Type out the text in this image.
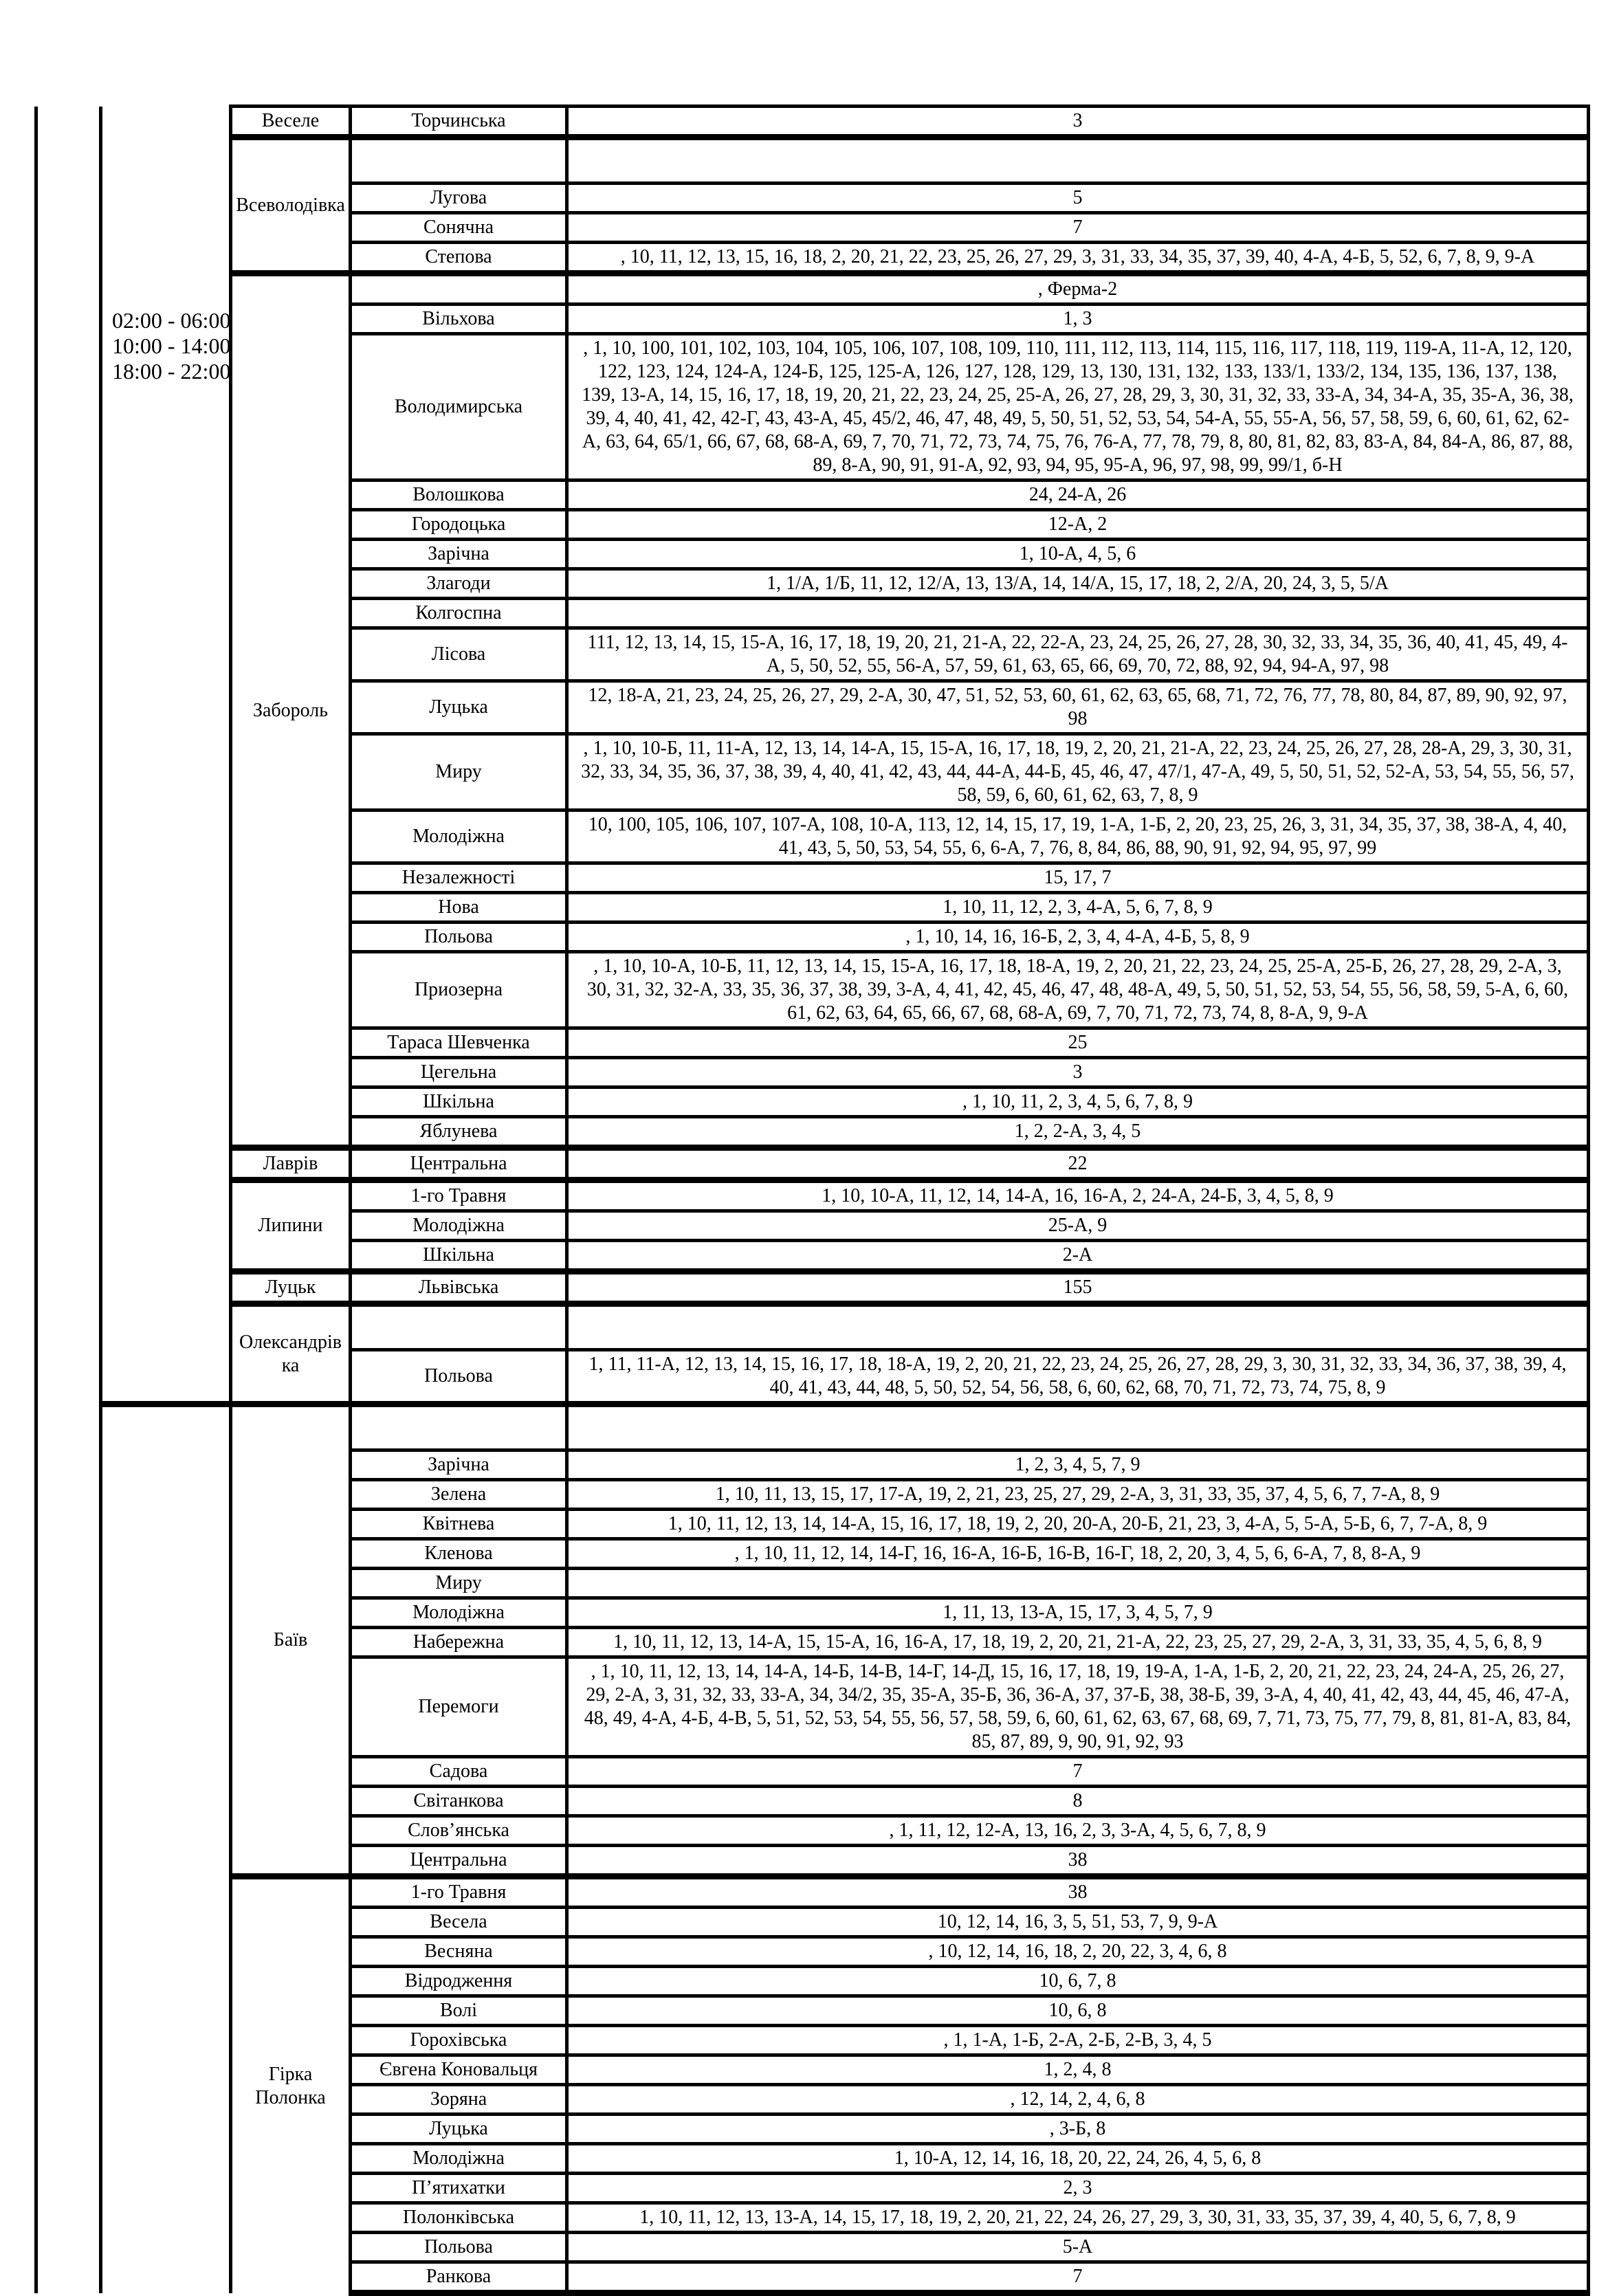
	02:00 - 06:00
10:00 - 14:00
18:00 - 22:00	Веселе	Торчинська	3
		Всеволодівка		
			Лугова	5
			Сонячна	7
			Степова	, 10, 11, 12, 13, 15, 16, 18, 2, 20, 21, 22, 23, 25, 26, 27, 29, 3, 31, 33, 34, 35, 37, 39, 40, 4-А, 4-Б, 5, 52, 6, 7, 8, 9, 9-А
		Забороль		, Ферма-2
			Вільхова	1, 3
			Володимирська	, 1, 10, 100, 101, 102, 103, 104, 105, 106, 107, 108, 109, 110, 111, 112, 113, 114, 115, 116, 117, 118, 119, 119-А, 11-А, 12, 120, 122, 123, 124, 124-А, 124-Б, 125, 125-А, 126, 127, 128, 129, 13, 130, 131, 132, 133, 133/1, 133/2, 134, 135, 136, 137, 138, 139, 13-А, 14, 15, 16, 17, 18, 19, 20, 21, 22, 23, 24, 25, 25-А, 26, 27, 28, 29, 3, 30, 31, 32, 33, 33-А, 34, 34-А, 35, 35-А, 36, 38, 39, 4, 40, 41, 42, 42-Г, 43, 43-А, 45, 45/2, 46, 47, 48, 49, 5, 50, 51, 52, 53, 54, 54-А, 55, 55-А, 56, 57, 58, 59, 6, 60, 61, 62, 62-А, 63, 64, 65/1, 66, 67, 68, 68-А, 69, 7, 70, 71, 72, 73, 74, 75, 76, 76-А, 77, 78, 79, 8, 80, 81, 82, 83, 83-А, 84, 84-А, 86, 87, 88, 89, 8-А, 90, 91, 91-А, 92, 93, 94, 95, 95-А, 96, 97, 98, 99, 99/1, б-Н
			Волошкова	24, 24-А, 26
			Городоцька	12-А, 2
			Зарічна	1, 10-А, 4, 5, 6
			Злагоди	1, 1/А, 1/Б, 11, 12, 12/А, 13, 13/А, 14, 14/А, 15, 17, 18, 2, 2/А, 20, 24, 3, 5, 5/А
			Колгоспна	
			Лісова	111, 12, 13, 14, 15, 15-А, 16, 17, 18, 19, 20, 21, 21-А, 22, 22-А, 23, 24, 25, 26, 27, 28, 30, 32, 33, 34, 35, 36, 40, 41, 45, 49, 4-А, 5, 50, 52, 55, 56-А, 57, 59, 61, 63, 65, 66, 69, 70, 72, 88, 92, 94, 94-А, 97, 98
			Луцька	12, 18-А, 21, 23, 24, 25, 26, 27, 29, 2-А, 30, 47, 51, 52, 53, 60, 61, 62, 63, 65, 68, 71, 72, 76, 77, 78, 80, 84, 87, 89, 90, 92, 97, 98
			Миру	, 1, 10, 10-Б, 11, 11-А, 12, 13, 14, 14-А, 15, 15-А, 16, 17, 18, 19, 2, 20, 21, 21-А, 22, 23, 24, 25, 26, 27, 28, 28-А, 29, 3, 30, 31, 32, 33, 34, 35, 36, 37, 38, 39, 4, 40, 41, 42, 43, 44, 44-А, 44-Б, 45, 46, 47, 47/1, 47-А, 49, 5, 50, 51, 52, 52-А, 53, 54, 55, 56, 57, 58, 59, 6, 60, 61, 62, 63, 7, 8, 9
			Молодіжна	10, 100, 105, 106, 107, 107-А, 108, 10-А, 113, 12, 14, 15, 17, 19, 1-А, 1-Б, 2, 20, 23, 25, 26, 3, 31, 34, 35, 37, 38, 38-А, 4, 40, 41, 43, 5, 50, 53, 54, 55, 6, 6-А, 7, 76, 8, 84, 86, 88, 90, 91, 92, 94, 95, 97, 99
			Незалежності	15, 17, 7
			Нова	1, 10, 11, 12, 2, 3, 4-А, 5, 6, 7, 8, 9
			Польова	, 1, 10, 14, 16, 16-Б, 2, 3, 4, 4-А, 4-Б, 5, 8, 9
			Приозерна	, 1, 10, 10-А, 10-Б, 11, 12, 13, 14, 15, 15-А, 16, 17, 18, 18-А, 19, 2, 20, 21, 22, 23, 24, 25, 25-А, 25-Б, 26, 27, 28, 29, 2-А, 3, 30, 31, 32, 32-А, 33, 35, 36, 37, 38, 39, 3-А, 4, 41, 42, 45, 46, 47, 48, 48-А, 49, 5, 50, 51, 52, 53, 54, 55, 56, 58, 59, 5-А, 6, 60, 61, 62, 63, 64, 65, 66, 67, 68, 68-А, 69, 7, 70, 71, 72, 73, 74, 8, 8-А, 9, 9-А
			Тараса Шевченка	25
			Цегельна	3
			Шкільна	, 1, 10, 11, 2, 3, 4, 5, 6, 7, 8, 9
			Яблунева	1, 2, 2-А, 3, 4, 5
		Лаврів	Центральна	22
		Липини	1-го Травня	1, 10, 10-А, 11, 12, 14, 14-А, 16, 16-А, 2, 24-А, 24-Б, 3, 4, 5, 8, 9
			Молодіжна	25-А, 9
			Шкільна	2-А
		Луцьк	Львівська	155
		Олександрівка		
			Польова	1, 11, 11-А, 12, 13, 14, 15, 16, 17, 18, 18-А, 19, 2, 20, 21, 22, 23, 24, 25, 26, 27, 28, 29, 3, 30, 31, 32, 33, 34, 36, 37, 38, 39, 4, 40, 41, 43, 44, 48, 5, 50, 52, 54, 56, 58, 6, 60, 62, 68, 70, 71, 72, 73, 74, 75, 8, 9
		Баїв		
			Зарічна	1, 2, 3, 4, 5, 7, 9
			Зелена	1, 10, 11, 13, 15, 17, 17-А, 19, 2, 21, 23, 25, 27, 29, 2-А, 3, 31, 33, 35, 37, 4, 5, 6, 7, 7-А, 8, 9
			Квітнева	1, 10, 11, 12, 13, 14, 14-А, 15, 16, 17, 18, 19, 2, 20, 20-А, 20-Б, 21, 23, 3, 4-А, 5, 5-А, 5-Б, 6, 7, 7-А, 8, 9
			Кленова	, 1, 10, 11, 12, 14, 14-Г, 16, 16-А, 16-Б, 16-В, 16-Г, 18, 2, 20, 3, 4, 5, 6, 6-А, 7, 8, 8-А, 9
			Миру	
			Молодіжна	1, 11, 13, 13-А, 15, 17, 3, 4, 5, 7, 9
			Набережна	1, 10, 11, 12, 13, 14-А, 15, 15-А, 16, 16-А, 17, 18, 19, 2, 20, 21, 21-А, 22, 23, 25, 27, 29, 2-А, 3, 31, 33, 35, 4, 5, 6, 8, 9
			Перемоги	, 1, 10, 11, 12, 13, 14, 14-А, 14-Б, 14-В, 14-Г, 14-Д, 15, 16, 17, 18, 19, 19-А, 1-А, 1-Б, 2, 20, 21, 22, 23, 24, 24-А, 25, 26, 27, 29, 2-А, 3, 31, 32, 33, 33-А, 34, 34/2, 35, 35-А, 35-Б, 36, 36-А, 37, 37-Б, 38, 38-Б, 39, 3-А, 4, 40, 41, 42, 43, 44, 45, 46, 47-А, 48, 49, 4-А, 4-Б, 4-В, 5, 51, 52, 53, 54, 55, 56, 57, 58, 59, 6, 60, 61, 62, 63, 67, 68, 69, 7, 71, 73, 75, 77, 79, 8, 81, 81-А, 83, 84, 85, 87, 89, 9, 90, 91, 92, 93
			Садова	7
			Світанкова	8
			Слов’янська	, 1, 11, 12, 12-А, 13, 16, 2, 3, 3-А, 4, 5, 6, 7, 8, 9
			Центральна	38
		Гірка Полонка	1-го Травня	38
			Весела	10, 12, 14, 16, 3, 5, 51, 53, 7, 9, 9-А
			Весняна	, 10, 12, 14, 16, 18, 2, 20, 22, 3, 4, 6, 8
			Відродження	10, 6, 7, 8
			Волі	10, 6, 8
			Горохівська	, 1, 1-А, 1-Б, 2-А, 2-Б, 2-В, 3, 4, 5
			Євгена Коновальця	1, 2, 4, 8
			Зоряна	, 12, 14, 2, 4, 6, 8
			Луцька	, 3-Б, 8
			Молодіжна	1, 10-А, 12, 14, 16, 18, 20, 22, 24, 26, 4, 5, 6, 8
			П’ятихатки	2, 3
			Полонківська	1, 10, 11, 12, 13, 13-А, 14, 15, 17, 18, 19, 2, 20, 21, 22, 24, 26, 27, 29, 3, 30, 31, 33, 35, 37, 39, 4, 40, 5, 6, 7, 8, 9
			Польова	5-А
			Ранкова	7
